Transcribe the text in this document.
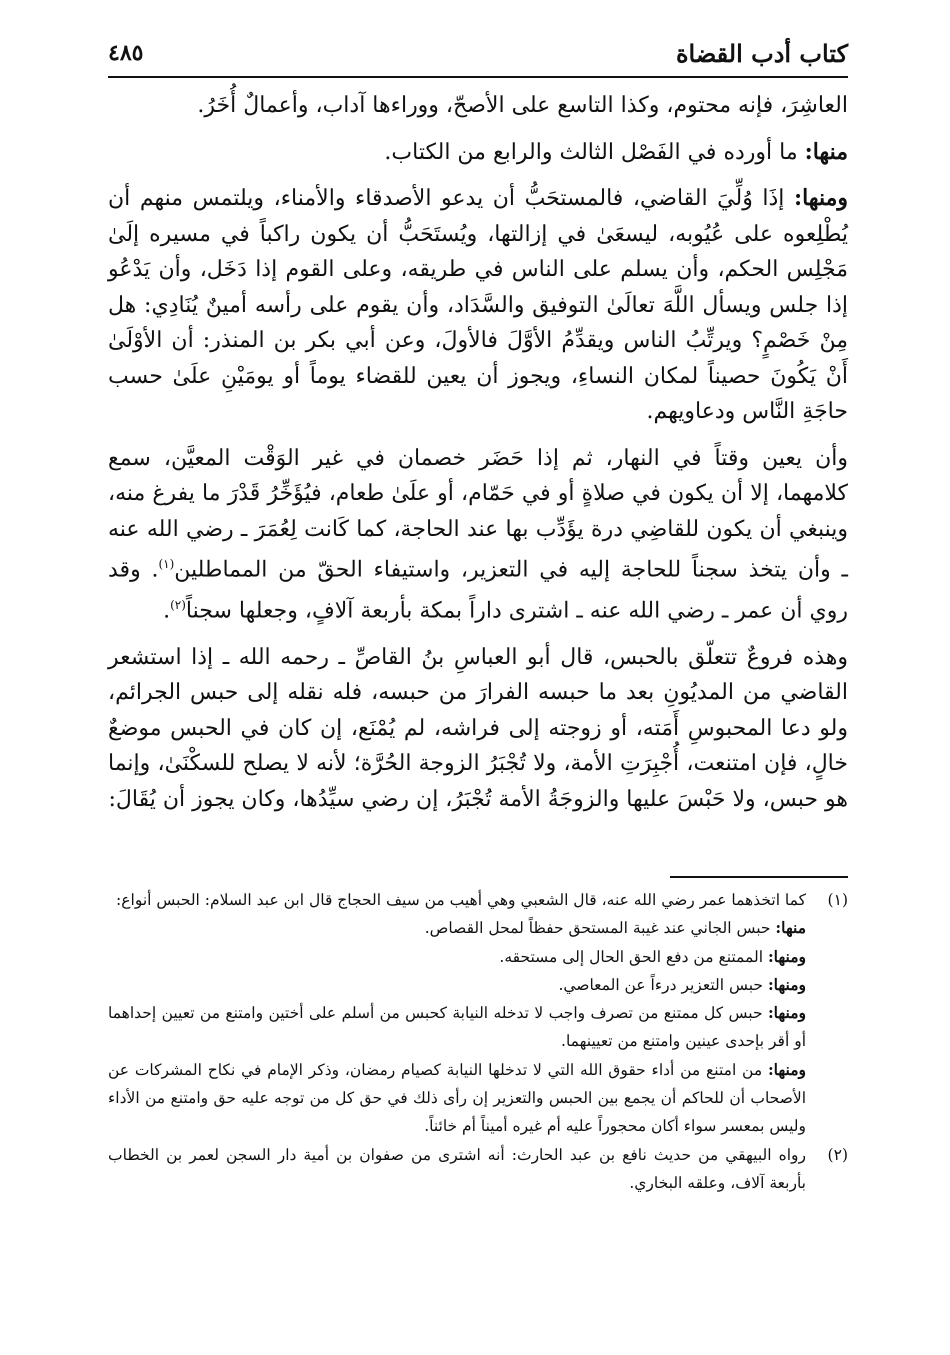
كتاب أدب القضاة
٤٨٥

العاشِرَ، فإنه محتوم، وكذا التاسع على الأصحّ، ووراءها آداب، وأعمالٌ أُخَرُ.

منها: ما أورده في الفَصْل الثالث والرابع من الكتاب.

ومنها: إذَا وُلِّيَ القاضي، فالمستحَبُّ أن يدعو الأصدقاء والأمناء، ويلتمس منهم أن يُطْلِعوه على عُيُوبه، ليسعَىٰ في إزالتها، ويُستَحَبُّ أن يكون راكباً في مسيره إلَىٰ مَجْلِس الحكم، وأن يسلم على الناس في طريقه، وعلى القوم إذا دَخَل، وأن يَدْعُو إذا جلس ويسأل اللَّهَ تعالَىٰ التوفيق والسَّدَاد، وأن يقوم على رأسه أمينٌ يُنَادِي: هل مِنْ خَصْمٍ؟ ويرتِّبُ الناس ويقدِّمُ الأوَّلَ فالأولَ، وعن أبي بكر بن المنذر: أن الأوْلَىٰ أَنْ يَكُونَ حصيناً لمكان النساءِ، ويجوز أن يعين للقضاء يوماً أو يومَيْنِ علَىٰ حسب حاجَةِ النَّاس ودعاويهم.

وأن يعين وقتاً في النهار، ثم إذا حَضَر خصمان في غير الوَقْت المعيَّن، سمع كلامهما، إلا أن يكون في صلاةٍ أو في حَمّام، أو علَىٰ طعام، فيُؤَخِّرُ قَدْرَ ما يفرغ منه، وينبغي أن يكون للقاضِي درة يؤَدِّب بها عند الحاجة، كما كَانت لِعُمَرَ ـ رضي الله عنه ـ وأن يتخذ سجناً للحاجة إليه في التعزير، واستيفاء الحقّ من المماطلين$^{(١)}$. وقد روي أن عمر ـ رضي الله عنه ـ اشترى داراً بمكة بأربعة آلافٍ، وجعلها سجناً$^{(٢)}$.

وهذه فروعٌ تتعلّق بالحبس، قال أبو العباسِ بنُ القاصِّ ـ رحمه الله ـ إذا استشعر القاضي من المديُونِ بعد ما حبسه الفرارَ من حبسه، فله نقله إلى حبس الجرائم، ولو دعا المحبوسِ أَمَته، أو زوجته إلى فراشه، لم يُمْنَع، إن كان في الحبس موضعٌ خالٍ، فإن امتنعت، أُجْبِرَتِ الأمة، ولا تُجْبَرُ الزوجة الحُرَّة؛ لأنه لا يصلح للسكْنَىٰ، وإنما هو حبس، ولا حَبْسَ عليها والزوجَةُ الأمة تُجْبَرُ، إن رضي سيِّدُها، وكان يجوز أن يُقَالَ:

(١)

كما اتخذهما عمر رضي الله عنه، قال الشعبي وهي أهيب من سيف الحجاج قال ابن عبد السلام: الحبس أنواع:

منها: حبس الجاني عند غيبة المستحق حفظاً لمحل القصاص.

ومنها: الممتنع من دفع الحق الحال إلى مستحقه.

ومنها: حبس التعزير درءاً عن المعاصي.

ومنها: حبس كل ممتنع من تصرف واجب لا تدخله النيابة كحبس من أسلم على أختين وامتنع من تعيين إحداهما أو أقر بإحدى عينين وامتنع من تعيينهما.

ومنها: من امتنع من أداء حقوق الله التي لا تدخلها النيابة كصيام رمضان، وذكر الإمام في نكاح المشركات عن الأصحاب أن للحاكم أن يجمع بين الحبس والتعزير إن رأى ذلك في حق كل من توجه عليه حق وامتنع من الأداء وليس بمعسر سواء أكان محجوراً عليه أم غيره أميناً أم خائناً.

(٢)

رواه البيهقي من حديث نافع بن عبد الحارث: أنه اشترى من صفوان بن أمية دار السجن لعمر بن الخطاب بأربعة آلاف، وعلقه البخاري.
